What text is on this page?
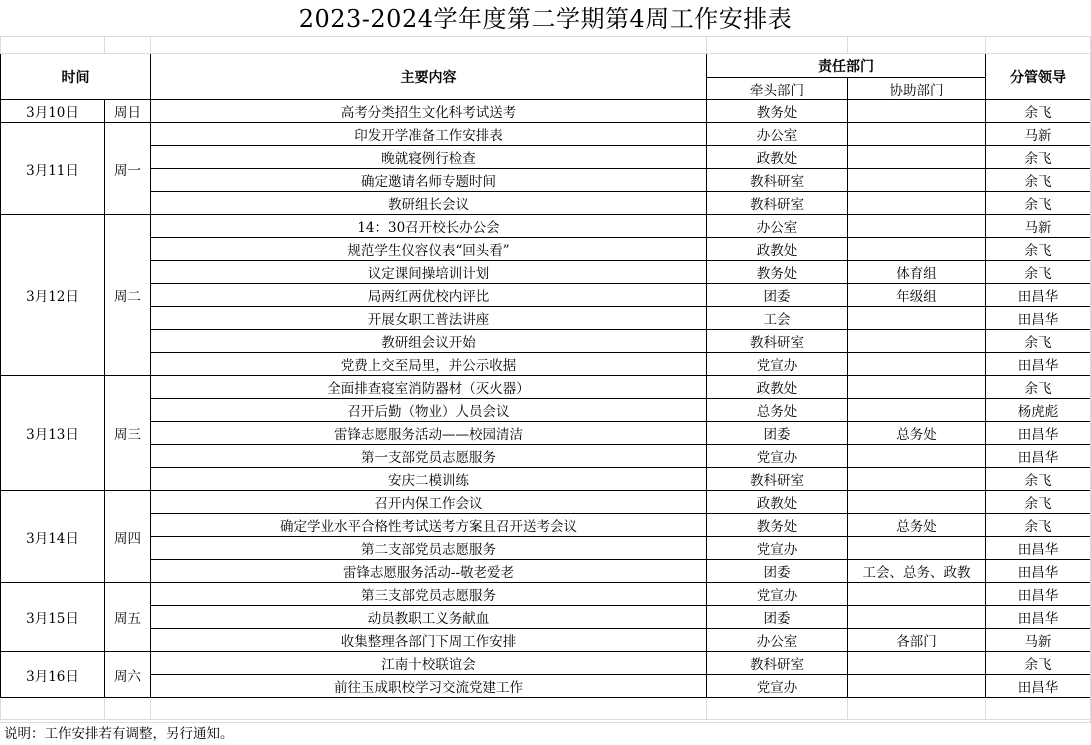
2023-2024学年度第二学期第4周工作安排表

时间		主要内容	责任部门		分管领导
			牵头部门	协助部门	
3月10日	周日	高考分类招生文化科考试送考	教务处		余飞
3月11日	周一	印发开学准备工作安排表	办公室		马新
		晚就寝例行检查	政教处		余飞
		确定邀请名师专题时间	教科研室		余飞
		教研组长会议	教科研室		余飞
3月12日	周二	14：30召开校长办公会	办公室		马新
		规范学生仪容仪表“回头看”	政教处		余飞
		议定课间操培训计划	教务处	体育组	余飞
		局两红两优校内评比	团委	年级组	田昌华
		开展女职工普法讲座	工会		田昌华
		教研组会议开始	教科研室		余飞
		党费上交至局里，并公示收据	党宣办		田昌华
3月13日	周三	全面排查寝室消防器材（灭火器）	政教处		余飞
		召开后勤（物业）人员会议	总务处		杨虎彪
		雷锋志愿服务活动——校园清洁	团委	总务处	田昌华
		第一支部党员志愿服务	党宣办		田昌华
		安庆二模训练	教科研室		余飞
3月14日	周四	召开内保工作会议	政教处		余飞
		确定学业水平合格性考试送考方案且召开送考会议	教务处	总务处	余飞
		第二支部党员志愿服务	党宣办		田昌华
		雷锋志愿服务活动--敬老爱老	团委	工会、总务、政教	田昌华
3月15日	周五	第三支部党员志愿服务	党宣办		田昌华
		动员教职工义务献血	团委		田昌华
		收集整理各部门下周工作安排	办公室	各部门	马新
3月16日	周六	江南十校联谊会	教科研室		余飞
		前往玉成职校学习交流党建工作	党宣办		田昌华

说明：工作安排若有调整，另行通知。
